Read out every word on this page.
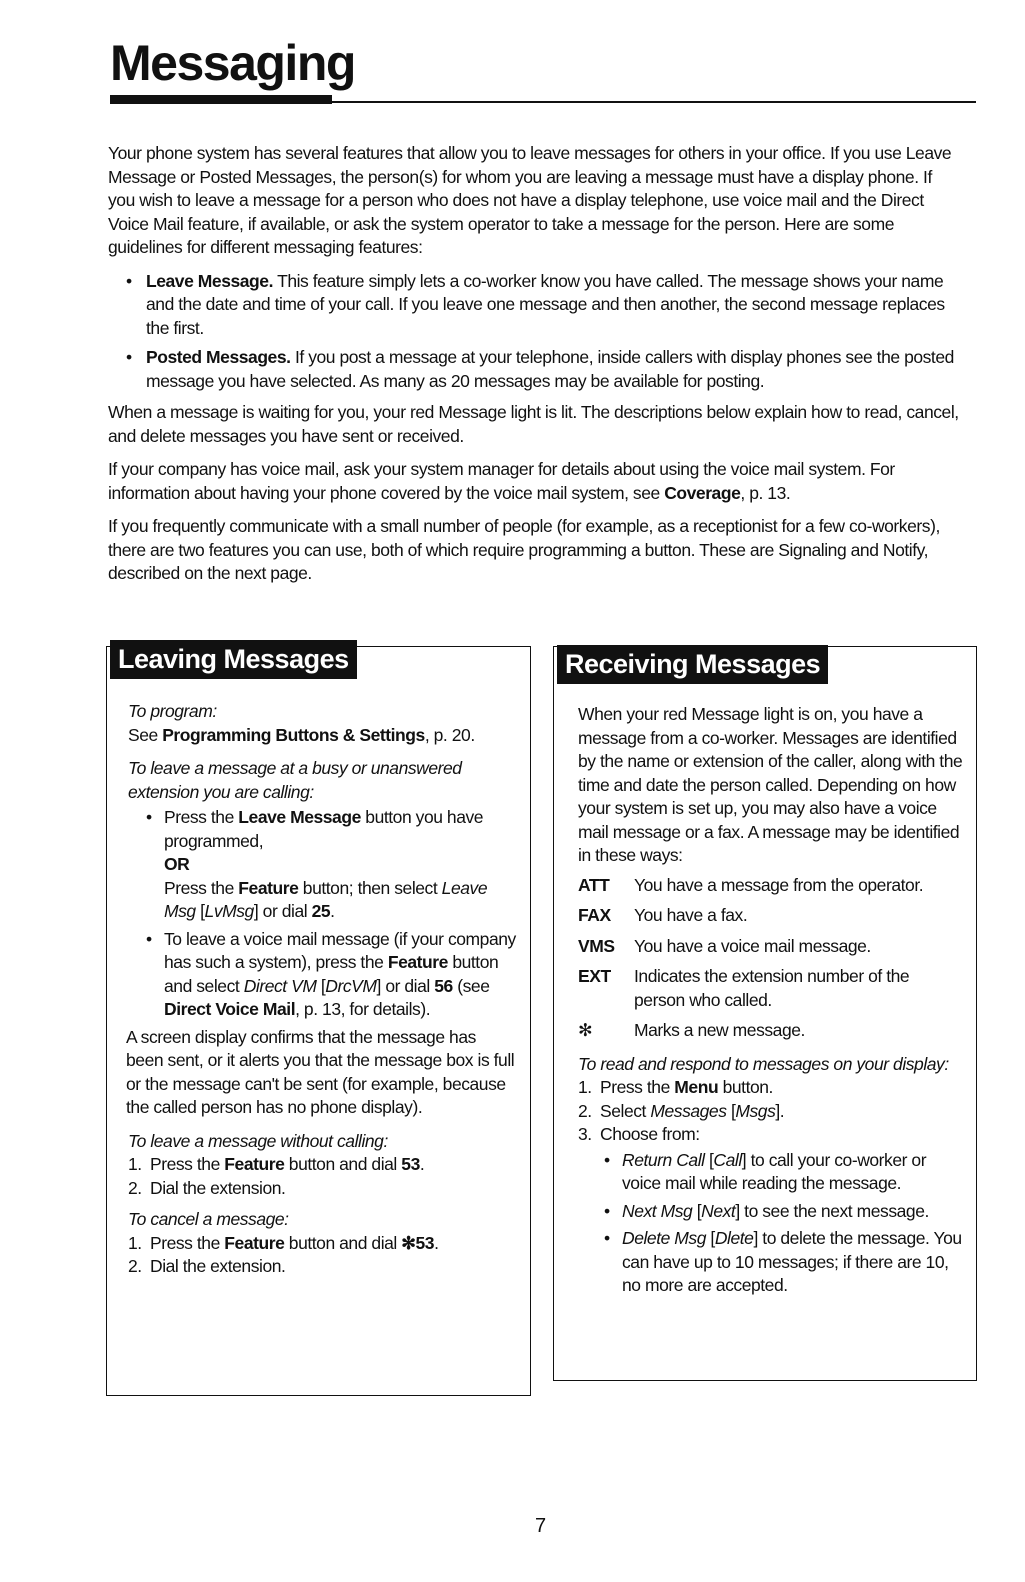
Messaging

Your phone system has several features that allow you to leave messages for others in your office. If you use Leave Message or Posted Messages, the person(s) for whom you are leaving a message must have a display phone. If you wish to leave a message for a person who does not have a display telephone, use voice mail and the Direct Voice Mail feature, if available, or ask the system operator to take a message for the person. Here are some guidelines for different messaging features:

• Leave Message. This feature simply lets a co-worker know you have called. The message shows your name and the date and time of your call. If you leave one message and then another, the second message replaces the first.
• Posted Messages. If you post a message at your telephone, inside callers with display phones see the posted message you have selected. As many as 20 messages may be available for posting.

When a message is waiting for you, your red Message light is lit. The descriptions below explain how to read, cancel, and delete messages you have sent or received.

If your company has voice mail, ask your system manager for details about using the voice mail system. For information about having your phone covered by the voice mail system, see Coverage, p. 13.

If you frequently communicate with a small number of people (for example, as a receptionist for a few co-workers), there are two features you can use, both of which require programming a button. These are Signaling and Notify, described on the next page.

Leaving Messages
To program:

See Programming Buttons & Settings, p. 20.

To leave a message at a busy or unanswered extension you are calling:
• Press the Leave Message button you have programmed,
OR
Press the Feature button; then select Leave Msg [LvMsg] or dial 25.
• To leave a voice mail message (if your company has such a system), press the Feature button and select Direct VM [DrcVM] or dial 56 (see Direct Voice Mail, p. 13, for details).

A screen display confirms that the message has been sent, or it alerts you that the message box is full or the message can't be sent (for example, because the called person has no phone display).

To leave a message without calling:
1. Press the Feature button and dial 53.
2. Dial the extension.
To cancel a message:
1. Press the Feature button and dial ✻53.
2. Dial the extension.
Receiving Messages
When your red Message light is on, you have a message from a co-worker. Messages are identified by the name or extension of the caller, along with the time and date the person called. Depending on how your system is set up, you may also have a voice mail message or a fax. A message may be identified in these ways:
ATT	You have a message from the operator.
FAX	You have a fax.
VMS	You have a voice mail message.
EXT	Indicates the extension number of the person who called.
✻	Marks a new message.
To read and respond to messages on your display:
1. Press the Menu button.
2. Select Messages [Msgs].
3. Choose from:
• Return Call [Call] to call your co-worker or voice mail while reading the message.
• Next Msg [Next] to see the next message.
• Delete Msg [Dlete] to delete the message. You can have up to 10 messages; if there are 10, no more are accepted.
7
